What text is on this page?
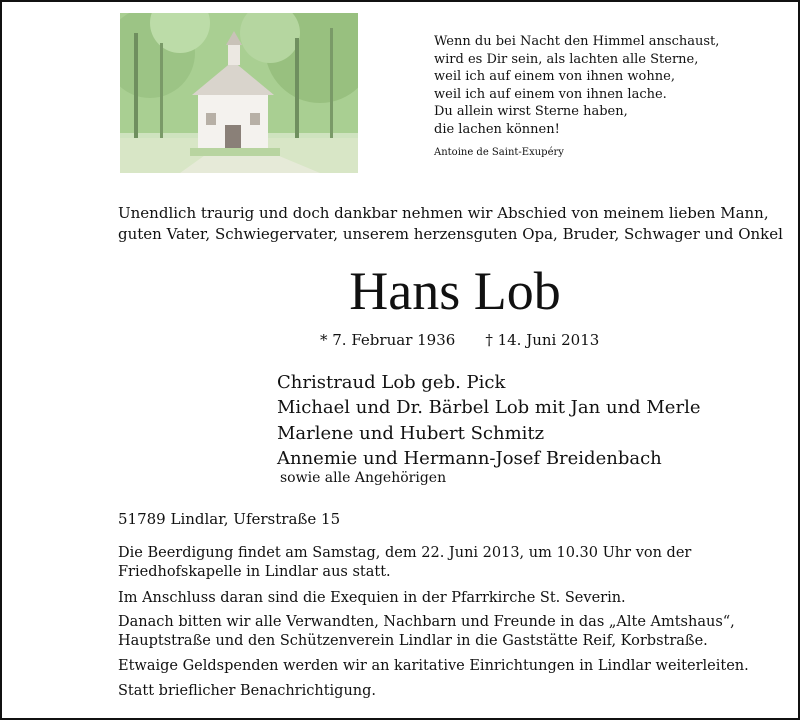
Wenn du bei Nacht den Himmel anschaust,
wird es Dir sein, als lachten alle Sterne,
weil ich auf einem von ihnen wohne,
weil ich auf einem von ihnen lache.
Du allein wirst Sterne haben,
die lachen können!
Antoine de Saint-Exupéry
Unendlich traurig und doch dankbar nehmen wir Abschied von meinem lieben Mann,
guten Vater, Schwiegervater, unserem herzensguten Opa, Bruder, Schwager und Onkel
Hans Lob
* 7. Februar 1936 † 14. Juni 2013
Christraud Lob geb. Pick
Michael und Dr. Bärbel Lob mit Jan und Merle
Marlene und Hubert Schmitz
Annemie und Hermann-Josef Breidenbach
sowie alle Angehörigen
51789 Lindlar, Uferstraße 15
Die Beerdigung findet am Samstag, dem 22. Juni 2013, um 10.30 Uhr von der
Friedhofskapelle in Lindlar aus statt.
Im Anschluss daran sind die Exequien in der Pfarrkirche St. Severin.
Danach bitten wir alle Verwandten, Nachbarn und Freunde in das „Alte Amtshaus“,
Hauptstraße und den Schützenverein Lindlar in die Gaststätte Reif, Korbstraße.
Etwaige Geldspenden werden wir an karitative Einrichtungen in Lindlar weiterleiten.
Statt brieflicher Benachrichtigung.
